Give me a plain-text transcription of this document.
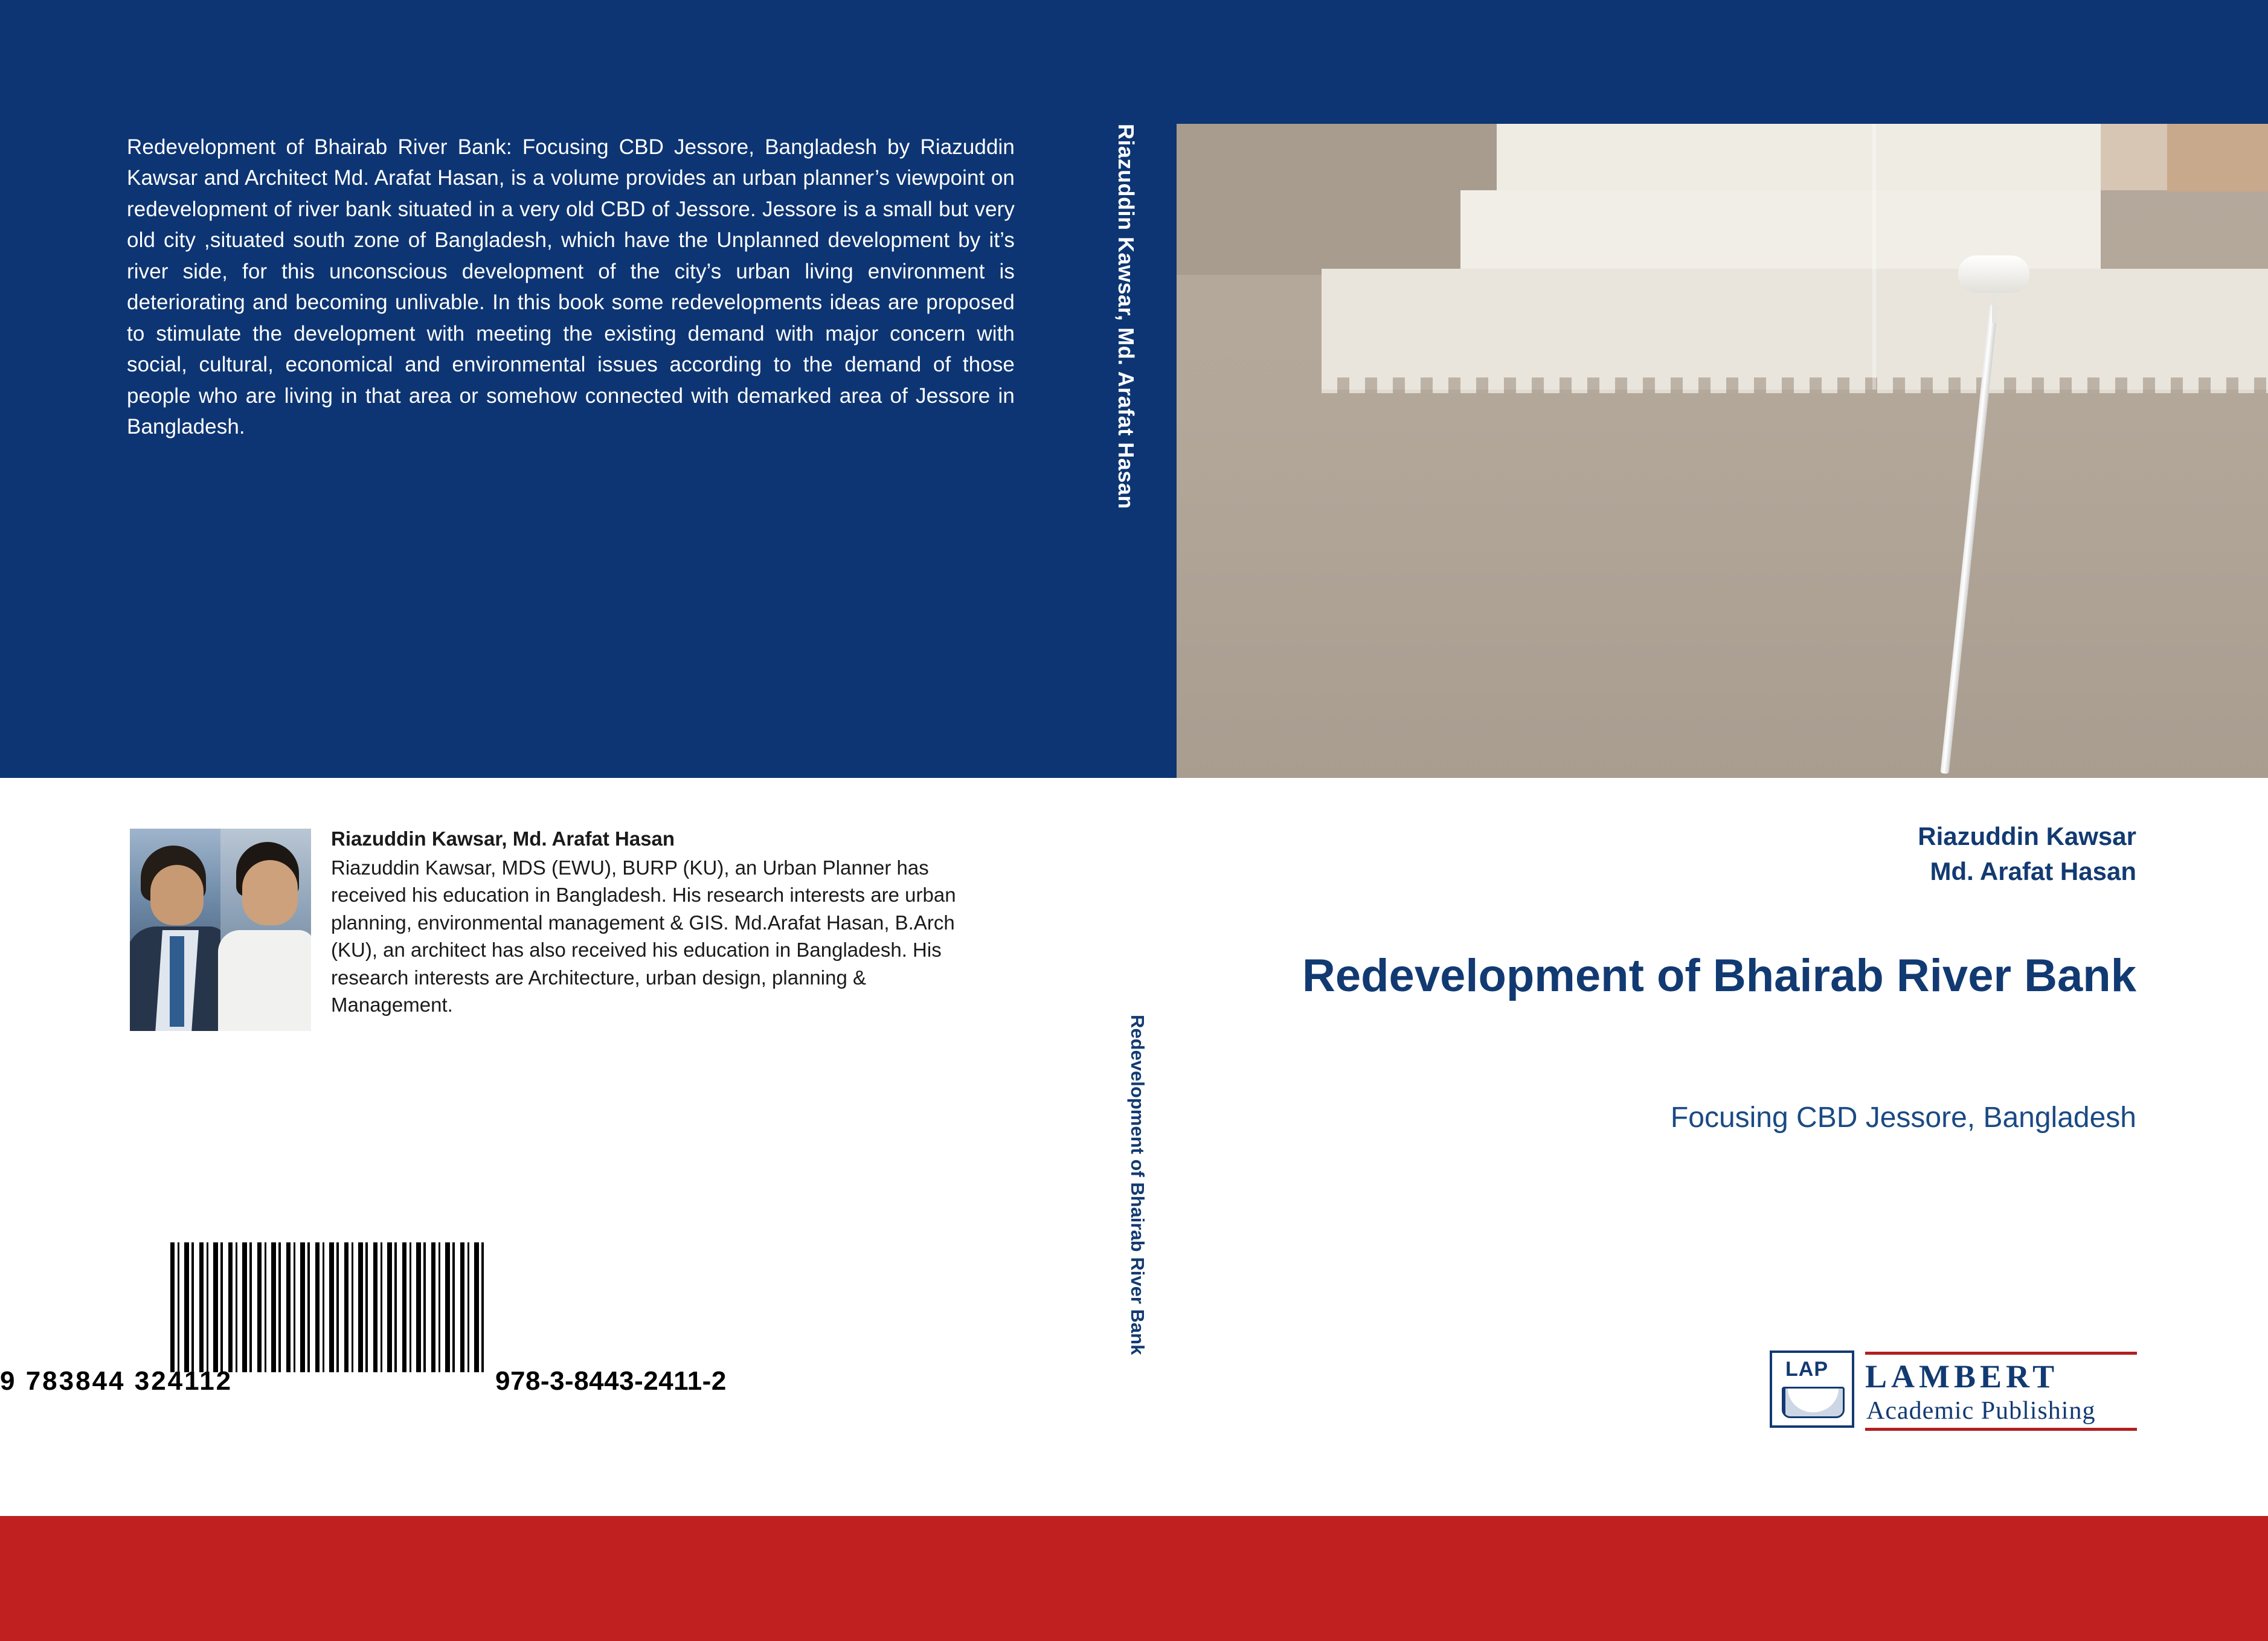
Redevelopment of Bhairab River Bank: Focusing CBD Jessore, Bangladesh by Riazuddin Kawsar and Architect Md. Arafat Hasan, is a volume provides an urban planner’s viewpoint on redevelopment of river bank situated in a very old CBD of Jessore. Jessore is a small but very old city ,situated south zone of Bangladesh, which have the Unplanned development by it’s river side, for this unconscious development of the city’s urban living environment is deteriorating and becoming unlivable. In this book some redevelopments ideas are proposed to stimulate the development with meeting the existing demand with major concern with social, cultural, economical and environmental issues according to the demand of those people who are living in that area or somehow connected with demarked area of Jessore in Bangladesh.	Riazuddin Kawsar, Md. Arafat Hasan
Riazuddin Kawsar, Md. Arafat Hasan
Riazuddin Kawsar, MDS (EWU), BURP (KU), an Urban Planner has received his education in Bangladesh. His research interests are urban planning, environmental management & GIS. Md.Arafat Hasan, B.Arch (KU), an architect has also received his education in Bangladesh. His research interests are Architecture, urban design, planning & Management.
9 783844 324112	978-3-8443-2411-2
Redevelopment of Bhairab River Bank
Riazuddin Kawsar
Md. Arafat Hasan
Redevelopment of Bhairab River Bank
Focusing CBD Jessore, Bangladesh
LAP LAMBERT
Academic Publishing
